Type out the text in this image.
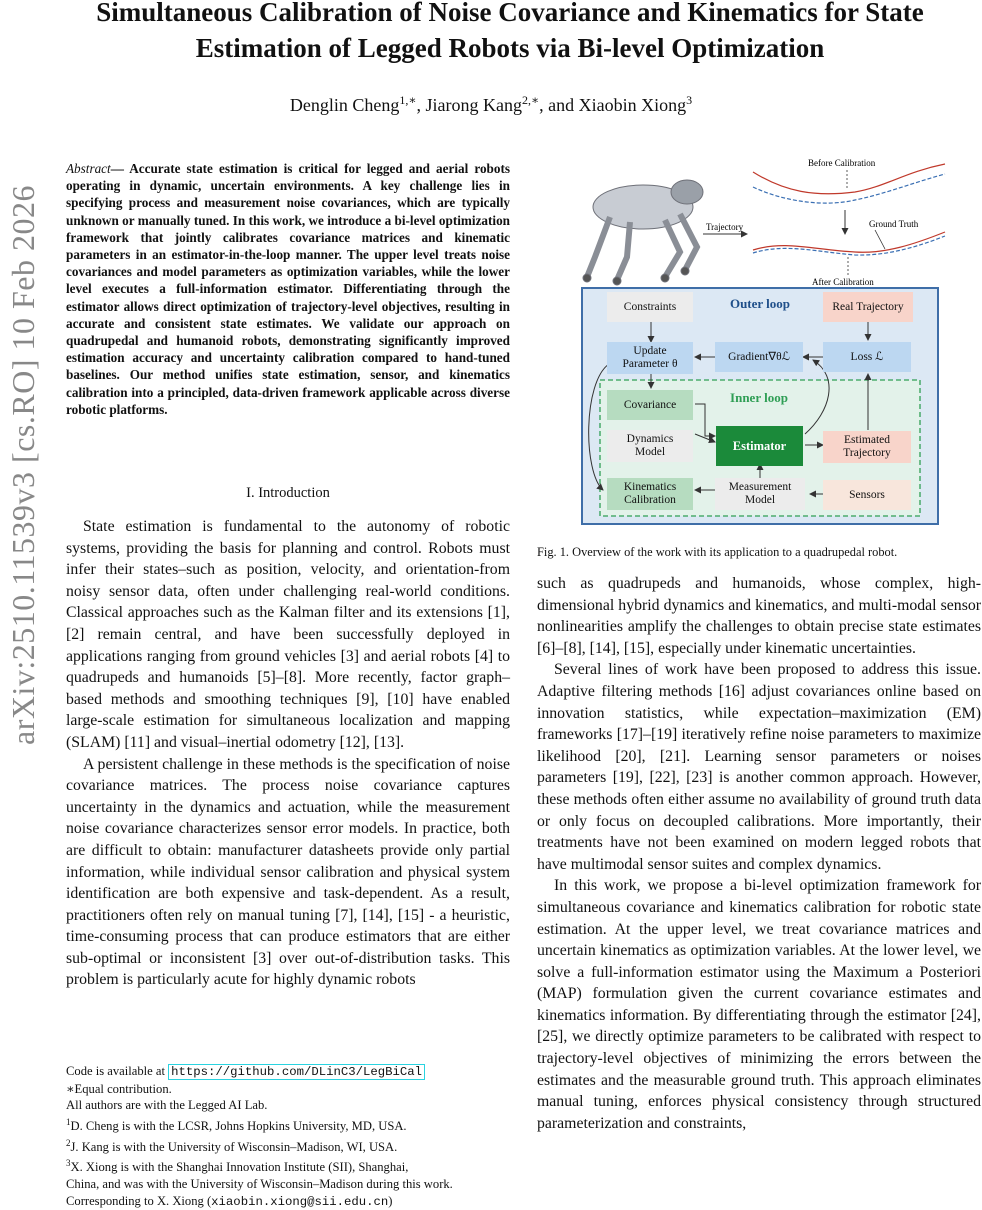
Simultaneous Calibration of Noise Covariance and Kinematics for State Estimation of Legged Robots via Bi-level Optimization
Denglin Cheng$^{1,∗}$, Jiarong Kang$^{2,∗}$, and Xiaobin Xiong$^3$
arXiv:2510.11539v3 [cs.RO] 10 Feb 2026
Abstract— Accurate state estimation is critical for legged and aerial robots operating in dynamic, uncertain environments. A key challenge lies in specifying process and measurement noise covariances, which are typically unknown or manually tuned. In this work, we introduce a bi-level optimization framework that jointly calibrates covariance matrices and kinematic parameters in an estimator-in-the-loop manner. The upper level treats noise covariances and model parameters as optimization variables, while the lower level executes a full-information estimator. Differentiating through the estimator allows direct optimization of trajectory-level objectives, resulting in accurate and consistent state estimates. We validate our approach on quadrupedal and humanoid robots, demonstrating significantly improved estimation accuracy and uncertainty calibration compared to hand-tuned baselines. Our method unifies state estimation, sensor, and kinematics calibration into a principled, data-driven framework applicable across diverse robotic platforms.
I. Introduction

State estimation is fundamental to the autonomy of robotic systems, providing the basis for planning and control. Robots must infer their states–such as position, velocity, and orientation-from noisy sensor data, often under challenging real-world conditions. Classical approaches such as the Kalman filter and its extensions [1], [2] remain central, and have been successfully deployed in applications ranging from ground vehicles [3] and aerial robots [4] to quadrupeds and humanoids [5]–[8]. More recently, factor graph–based methods and smoothing techniques [9], [10] have enabled large-scale estimation for simultaneous localization and mapping (SLAM) [11] and visual–inertial odometry [12], [13].

A persistent challenge in these methods is the specification of noise covariance matrices. The process noise covariance captures uncertainty in the dynamics and actuation, while the measurement noise covariance characterizes sensor error models. In practice, both are difficult to obtain: manufacturer datasheets provide only partial information, while individual sensor calibration and physical system identification are both expensive and task-dependent. As a result, practitioners often rely on manual tuning [7], [14], [15] - a heuristic, time-consuming process that can produce estimators that are either sub-optimal or inconsistent [3] over out-of-distribution tasks. This problem is particularly acute for highly dynamic robots

Code is available at https://github.com/DLinC3/LegBiCal
∗Equal contribution.
All authors are with the Legged AI Lab.
$^1$D. Cheng is with the LCSR, Johns Hopkins University, MD, USA.
$^2$J. Kang is with the University of Wisconsin–Madison, WI, USA.
$^3$X. Xiong is with the Shanghai Innovation Institute (SII), Shanghai,
China, and was with the University of Wisconsin–Madison during this work.
Corresponding to X. Xiong (xiaobin.xiong@sii.edu.cn)
Trajectory
Before Calibration
Ground Truth
After Calibration
Constraints	Outer loop	Real Trajectory
Update
Parameter θ
Gradient∇θℒ	Loss ℒ
Covariance	Inner loop
Dynamics
Model	Estimator	Estimated
Trajectory
Kinematics
Calibration
Measurement
Model	Sensors
Fig. 1. Overview of the work with its application to a quadrupedal robot.

such as quadrupeds and humanoids, whose complex, high-dimensional hybrid dynamics and kinematics, and multi-modal sensor nonlinearities amplify the challenges to obtain precise state estimates [6]–[8], [14], [15], especially under kinematic uncertainties.

Several lines of work have been proposed to address this issue. Adaptive filtering methods [16] adjust covariances online based on innovation statistics, while expectation–maximization (EM) frameworks [17]–[19] iteratively refine noise parameters to maximize likelihood [20], [21]. Learning sensor parameters or noises parameters [19], [22], [23] is another common approach. However, these methods often either assume no availability of ground truth data or only focus on decoupled calibrations. More importantly, their treatments have not been examined on modern legged robots that have multimodal sensor suites and complex dynamics.

In this work, we propose a bi-level optimization framework for simultaneous covariance and kinematics calibration for robotic state estimation. At the upper level, we treat covariance matrices and uncertain kinematics as optimization variables. At the lower level, we solve a full-information estimator using the Maximum a Posteriori (MAP) formulation given the current covariance estimates and kinematics information. By differentiating through the estimator [24], [25], we directly optimize parameters to be calibrated with respect to trajectory-level objectives of minimizing the errors between the estimates and the measurable ground truth. This approach eliminates manual tuning, enforces physical consistency through structured parameterization and constraints,
